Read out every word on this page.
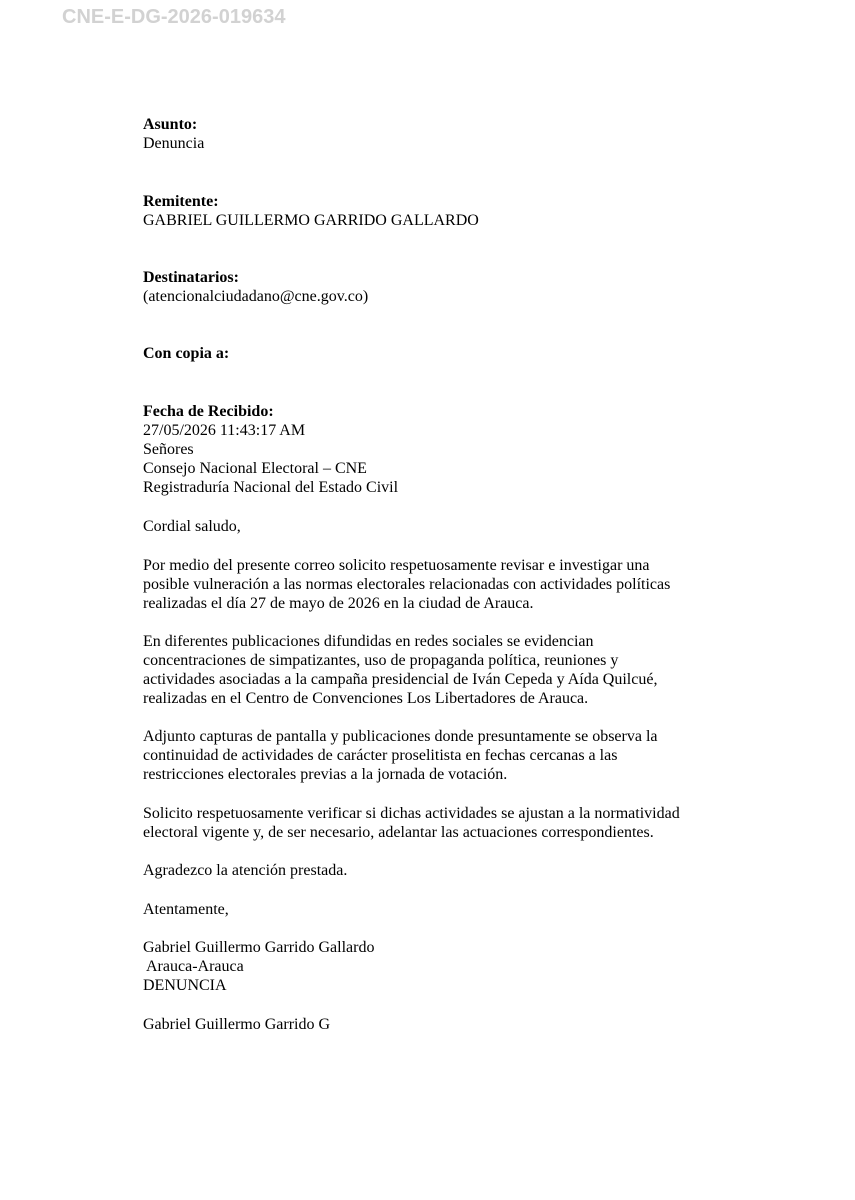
CNE-E-DG-2026-019634

Asunto:

Denuncia

Remitente:

GABRIEL GUILLERMO GARRIDO GALLARDO

Destinatarios:

(atencionalciudadano@cne.gov.co)

Con copia a:

Fecha de Recibido:

27/05/2026 11:43:17 AM

Señores

Consejo Nacional Electoral – CNE

Registraduría Nacional del Estado Civil

Cordial saludo,

Por medio del presente correo solicito respetuosamente revisar e investigar una

posible vulneración a las normas electorales relacionadas con actividades políticas

realizadas el día 27 de mayo de 2026 en la ciudad de Arauca.

En diferentes publicaciones difundidas en redes sociales se evidencian

concentraciones de simpatizantes, uso de propaganda política, reuniones y

actividades asociadas a la campaña presidencial de Iván Cepeda y Aída Quilcué,

realizadas en el Centro de Convenciones Los Libertadores de Arauca.

Adjunto capturas de pantalla y publicaciones donde presuntamente se observa la

continuidad de actividades de carácter proselitista en fechas cercanas a las

restricciones electorales previas a la jornada de votación.

Solicito respetuosamente verificar si dichas actividades se ajustan a la normatividad

electoral vigente y, de ser necesario, adelantar las actuaciones correspondientes.

Agradezco la atención prestada.

Atentamente,

Gabriel Guillermo Garrido Gallardo

Arauca-Arauca

DENUNCIA

Gabriel Guillermo Garrido G
